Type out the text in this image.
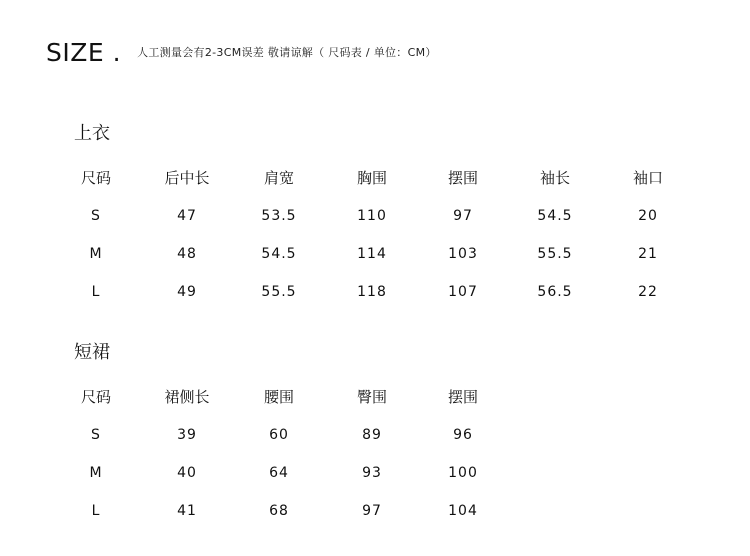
SIZE . 人工测量会有2-3CM误差 敬请谅解（ 尺码表 / 单位：CM）
上衣
尺码	后中长	肩宽	胸围	摆围	袖长	袖口
S	47	53.5	110	97	54.5	20
M	48	54.5	114	103	55.5	21
L	49	55.5	118	107	56.5	22
短裙
尺码	裙侧长	腰围	臀围	摆围
S	39	60	89	96
M	40	64	93	100
L	41	68	97	104
